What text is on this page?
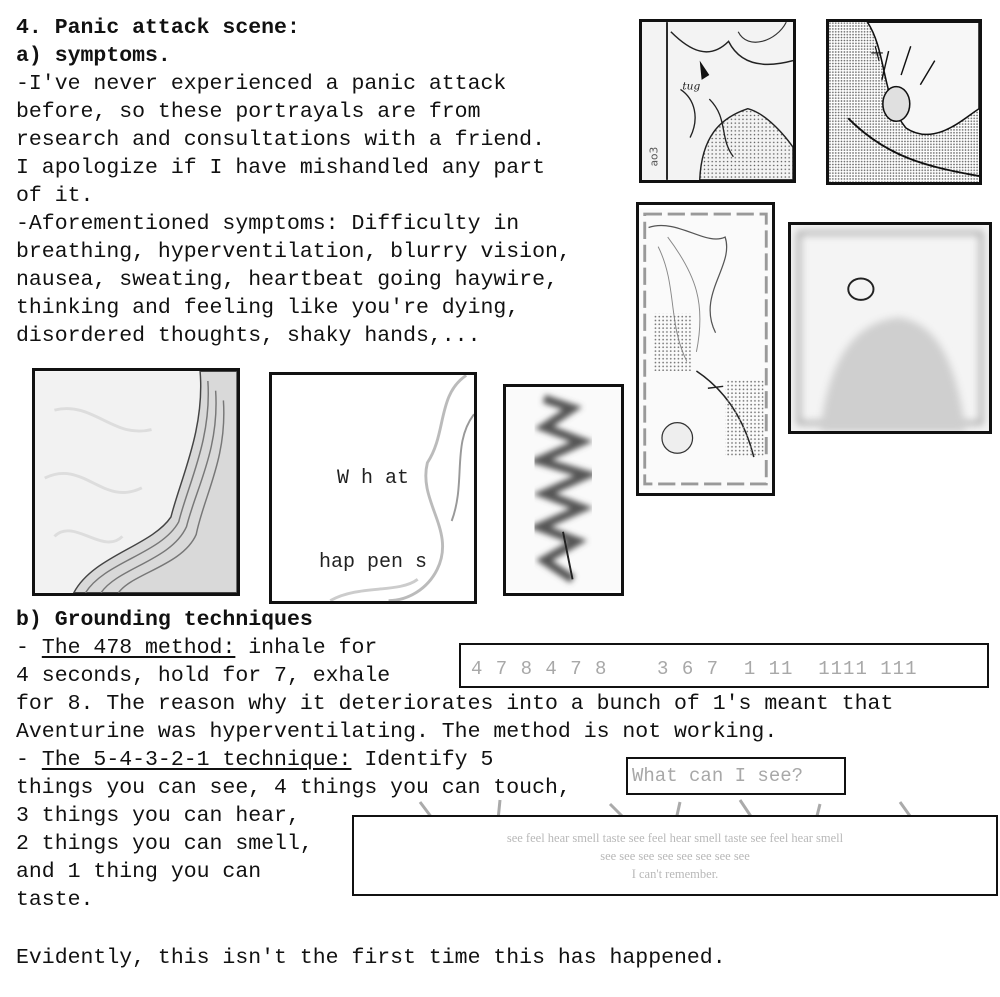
4. Panic attack scene:
a) symptoms.
-I've never experienced a panic attack
before, so these portrayals are from
research and consultations with a friend.
I apologize if I have mishandled any part
of it.
-Aforementioned symptoms: Difficulty in
breathing, hyperventilation, blurry vision,
nausea, sweating, heartbeat going haywire,
thinking and feeling like you're dying,
disordered thoughts, shaky hands,...
tug
ao3

W h at

hap pen s

b) Grounding techniques
- The 478 method: inhale for
4 seconds, hold for 7, exhale
for 8. The reason why it deteriorates into a bunch of 1's meant that
Aventurine was hyperventilating. The method is not working.
4 7 8 4 7 8    3 6 7  1 11  1111 111
- The 5-4-3-2-1 technique: Identify 5
things you can see, 4 things you can touch,
3 things you can hear,
2 things you can smell,
and 1 thing you can
taste.
What can I see?
see feel hear smell taste see feel hear smell taste see feel hear smell
see see see see see see see see
I can't remember.
Evidently, this isn't the first time this has happened.
